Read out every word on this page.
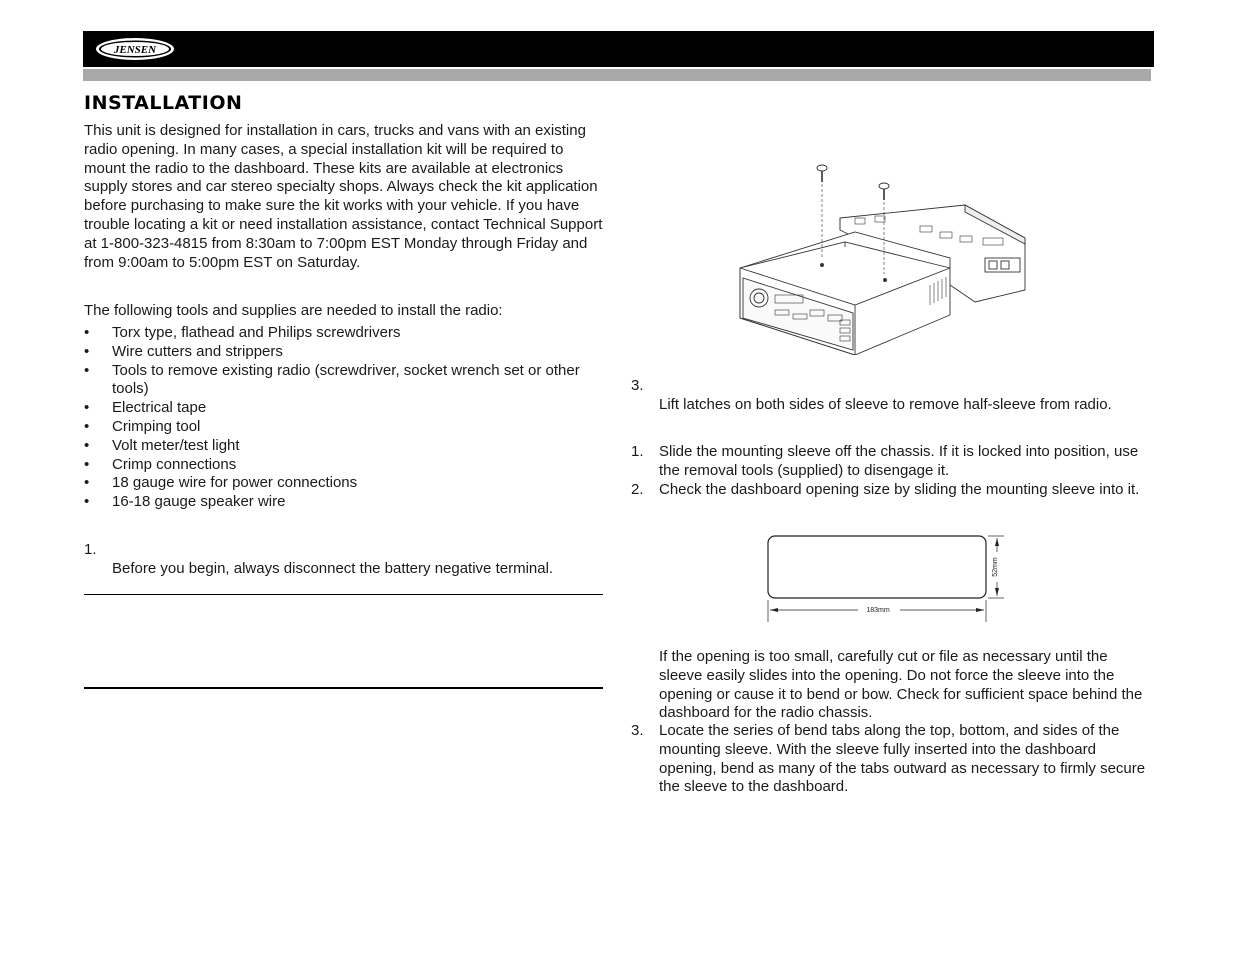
JENSEN
INSTALLATION

This unit is designed for installation in cars, trucks and vans with an existing radio opening. In many cases, a special installation kit will be required to mount the radio to the dashboard. These kits are available at electronics supply stores and car stereo specialty shops. Always check the kit application before purchasing to make sure the kit works with your vehicle. If you have trouble locating a kit or need installation assistance, contact Technical Support at 1-800-323-4815 from 8:30am to 7:00pm EST Monday through Friday and from 9:00am to 5:00pm EST on Saturday.

The following tools and supplies are needed to install the radio:

• Torx type, flathead and Philips screwdrivers
• Wire cutters and strippers
• Tools to remove existing radio (screwdriver, socket wrench set or other tools)
• Electrical tape
• Crimping tool
• Volt meter/test light
• Crimp connections
• 18 gauge wire for power connections
• 16-18 gauge speaker wire
1.

Before you begin, always disconnect the battery negative terminal.
3.

Lift latches on both sides of sleeve to remove half-sleeve from radio.
1. Slide the mounting sleeve off the chassis. If it is locked into position, use the removal tools (supplied) to disengage it.
2. Check the dashboard opening size by sliding the mounting sleeve into it.
183mm
52mm

If the opening is too small, carefully cut or file as necessary until the sleeve easily slides into the opening. Do not force the sleeve into the opening or cause it to bend or bow. Check for sufficient space behind the dashboard for the radio chassis.

3. Locate the series of bend tabs along the top, bottom, and sides of the mounting sleeve. With the sleeve fully inserted into the dashboard opening, bend as many of the tabs outward as necessary to firmly secure the sleeve to the dashboard.
